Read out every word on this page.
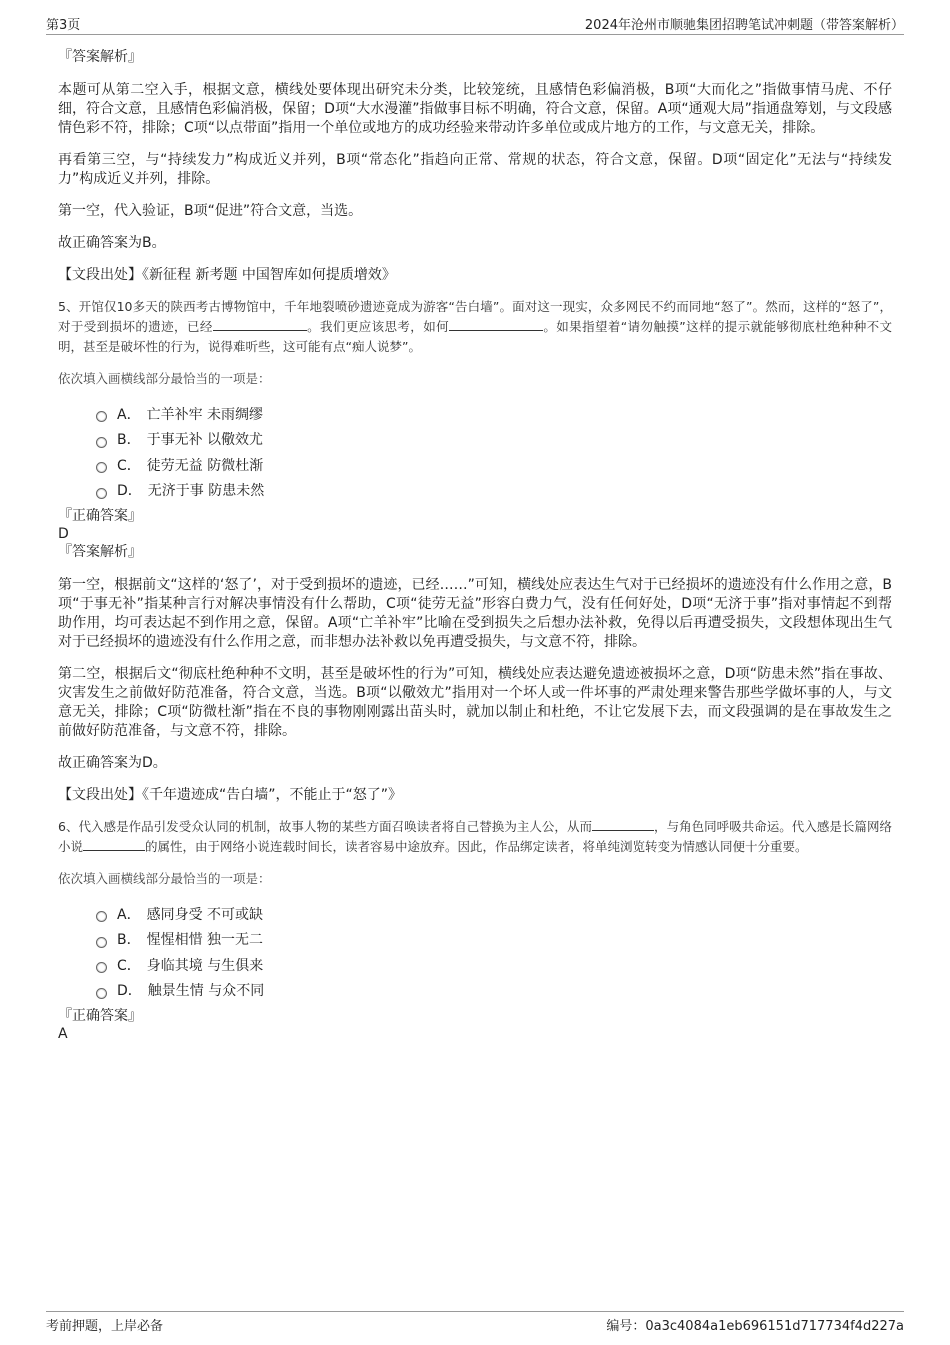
第3页	2024年沧州市顺驰集团招聘笔试冲刺题（带答案解析）

『答案解析』

本题可从第二空入手，根据文意，横线处要体现出研究未分类，比较笼统，且感情色彩偏消极，B项“大而化之”指做事情马虎、不仔细，符合文意，且感情色彩偏消极，保留；D项“大水漫灌”指做事目标不明确，符合文意，保留。A项“通观大局”指通盘筹划，与文段感情色彩不符，排除；C项“以点带面”指用一个单位或地方的成功经验来带动许多单位或成片地方的工作，与文意无关，排除。

再看第三空，与“持续发力”构成近义并列，B项“常态化”指趋向正常、常规的状态，符合文意，保留。D项“固定化”无法与“持续发力”构成近义并列，排除。

第一空，代入验证，B项“促进”符合文意，当选。

故正确答案为B。

【文段出处】《新征程 新考题 中国智库如何提质增效》

5、开馆仅10多天的陕西考古博物馆中，千年地裂喷砂遗迹竟成为游客“告白墙”。面对这一现实，众多网民不约而同地“怒了”。然而，这样的“怒了”，对于受到损坏的遗迹，已经	。我们更应该思考，如何	。如果指望着“请勿触摸”这样的提示就能够彻底杜绝种种不文明，甚至是破坏性的行为，说得难听些，这可能有点“痴人说梦”。

依次填入画横线部分最恰当的一项是：

A． 亡羊补牢 未雨绸缪
B． 于事无补 以儆效尤
C． 徒劳无益 防微杜渐
D． 无济于事 防患未然

『正确答案』

D

『答案解析』

第一空，根据前文“这样的‘怒了’，对于受到损坏的遗迹，已经……”可知，横线处应表达生气对于已经损坏的遗迹没有什么作用之意，B项“于事无补”指某种言行对解决事情没有什么帮助，C项“徒劳无益”形容白费力气，没有任何好处，D项“无济于事”指对事情起不到帮助作用，均可表达起不到作用之意，保留。A项“亡羊补牢”比喻在受到损失之后想办法补救，免得以后再遭受损失，文段想体现出生气对于已经损坏的遗迹没有什么作用之意，而非想办法补救以免再遭受损失，与文意不符，排除。

第二空，根据后文“彻底杜绝种种不文明，甚至是破坏性的行为”可知，横线处应表达避免遗迹被损坏之意，D项“防患未然”指在事故、灾害发生之前做好防范准备，符合文意，当选。B项“以儆效尤”指用对一个坏人或一件坏事的严肃处理来警告那些学做坏事的人，与文意无关，排除；C项“防微杜渐”指在不良的事物刚刚露出苗头时，就加以制止和杜绝，不让它发展下去，而文段强调的是在事故发生之前做好防范准备，与文意不符，排除。

故正确答案为D。

【文段出处】《千年遗迹成“告白墙”，不能止于“怒了”》

6、代入感是作品引发受众认同的机制，故事人物的某些方面召唤读者将自己替换为主人公，从而	，与角色同呼吸共命运。代入感是长篇网络小说	的属性，由于网络小说连载时间长，读者容易中途放弃。因此，作品绑定读者，将单纯浏览转变为情感认同便十分重要。

依次填入画横线部分最恰当的一项是：

A． 感同身受 不可或缺
B． 惺惺相惜 独一无二
C． 身临其境 与生俱来
D． 触景生情 与众不同

『正确答案』

A

考前押题，上岸必备	编号：0a3c4084a1eb696151d717734f4d227a
